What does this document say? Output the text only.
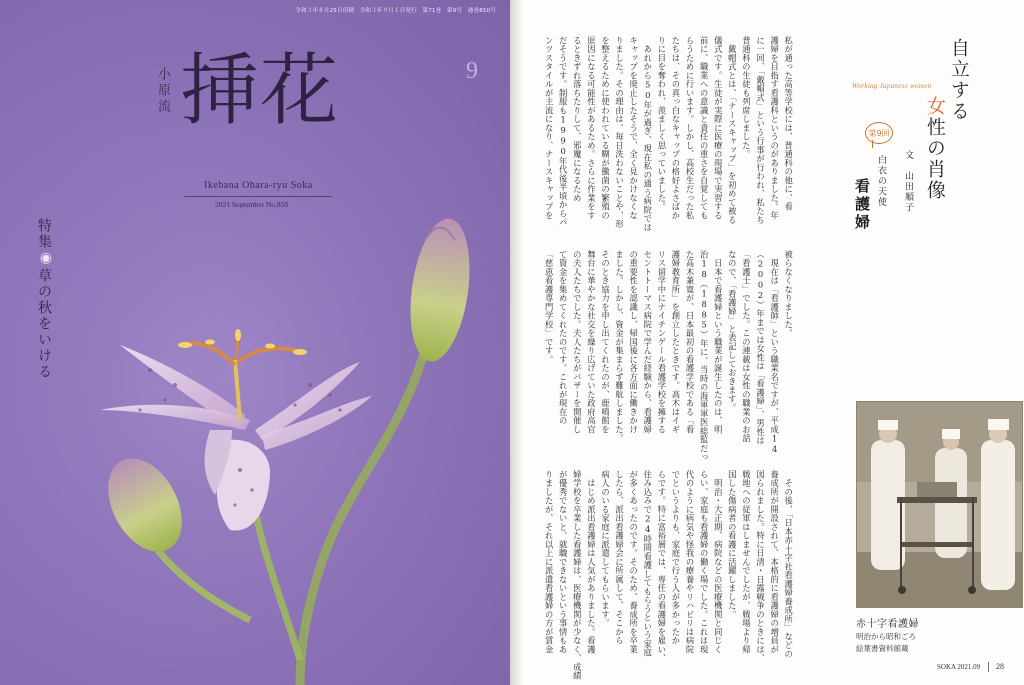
令和３年８月25日印刷　令和３年９月１日発行　第71巻　第9号　通巻850号
小原流 挿花	9
Ikebana Ohara-ryu Soka
2021 September No.850
特集
◉
草の秋をいける
自立する
女性の肖像
Working Japanese women
第9回
文　山田順子
白衣の天使
看護婦
私が通った高等学校には、普通科の他に、看
護婦を目指す看護科というのがありました。年
に一回、「戴帽式」という行事が行われ、私たち
普通科の生徒も列席しました。
　戴帽式とは、「ナースキャップ」を初めて被る
儀式です。生徒が実際に医療の現場で実習する
前に、職業への意識と責任の重さを自覚しても
らうために行います。しかし、高校生だった私
たちは、その真っ白なキャップの格好よさばか
りに目を奪われ、羨ましく思っていました。
　あれから50年が過ぎ、現在私の通う病院では
キャップを廃止したそうで、全く見かけなくな
りました。その理由は、毎日洗わないことや、形
を整えるために使われている糊が黴菌の繁殖の
原因になる可能性があるため。さらに作業をす
るときずれ落ちたりして、邪魔になるため
だそうです。制服も1990年代後半頃からパ
ンツスタイルが主流になり、ナースキャップを
被らなくなりました。
　現在は「看護師」という職業名ですが、平成14
（2002）年までは女性は「看護婦」、男性は
「看護士」でした。この連載は女性の職業のお話
なので、「看護婦」と表記しておきます。
　日本で看護婦という職業が誕生したのは、明
治18（1885）年に、当時の海軍軍医総監だっ
た高木兼寛が、日本最初の看護学校である「看
護婦教育所」を創立したときです。高木はイギ
リス留学中にナイチンゲール看護学校を擁する
セントトーマス病院で学んだ経験から、看護婦
の重要性を認識し、帰国後に各方面に働きかけ
ました。しかし、資金が集まらず難航しました。
そのとき協力を申し出てくれたのが、鹿鳴館を
舞台に華やかな社交を繰り広げていた政府高官
の夫人たちでした。夫人たちがバザーを開催し
て資金を集めてくれたのです。これが現在の
「慈恵看護専門学校」です。
　その後、「日本赤十字社看護婦養成所」などの
養成所が開設されて、本格的に看護婦の増員が
図られました。特に日清・日露戦争のときには、
戦地への従軍はしませんでしたが、戦場より帰
国した傷病者の看護に活躍しました。
　明治・大正期、病院などの医療機関と同じく
らい、家庭も看護婦の働く場でした。これは現
代のように病気や怪我の療養やリハビリは病院
でというよりも、家庭で行う人が多かったか
らです。特に富裕層では、専任の看護婦を雇い、
住み込みで24時間看護してもらうという家庭
が多くあったのです。そのため、養成所を卒業
したら、派出看護婦会に所属して、そこから
病人のいる家庭に派遣してもらいます。
　はじめ派出看護婦は人気がありました。看護
婦学校を卒業した看護婦は、医療機関が少なく、成績
が優秀でないと、就職できないという事情もあ
りましたが、それ以上に派遣看護婦の方が賃金	赤十字看護婦
明治から昭和ごろ
絵葉書資料館蔵
SOKA 2021.09 28
